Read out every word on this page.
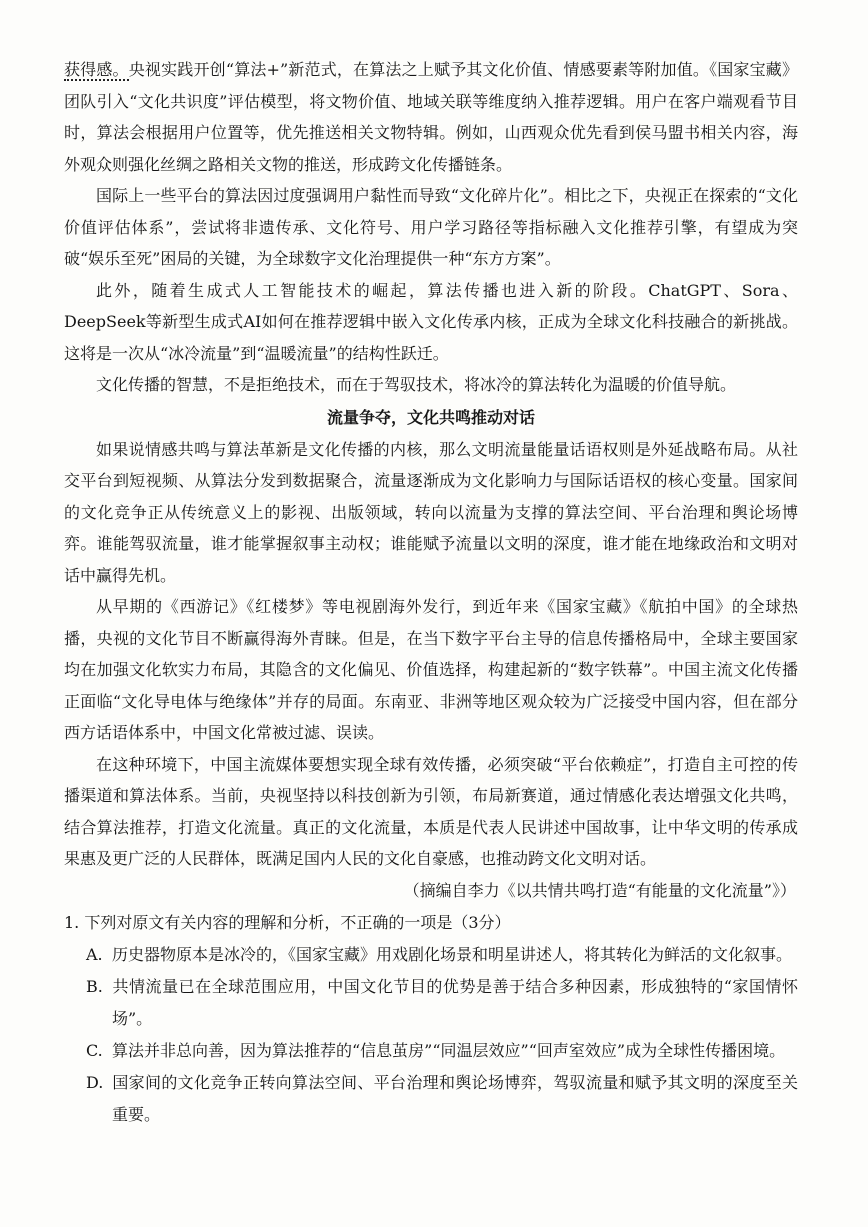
获得感。央视实践开创“算法+”新范式，在算法之上赋予其文化价值、情感要素等附加值。《国家宝藏》团队引入“文化共识度”评估模型，将文物价值、地域关联等维度纳入推荐逻辑。用户在客户端观看节目时，算法会根据用户位置等，优先推送相关文物特辑。例如，山西观众优先看到侯马盟书相关内容，海外观众则强化丝绸之路相关文物的推送，形成跨文化传播链条。

国际上一些平台的算法因过度强调用户黏性而导致“文化碎片化”。相比之下，央视正在探索的“文化价值评估体系”，尝试将非遗传承、文化符号、用户学习路径等指标融入文化推荐引擎，有望成为突破“娱乐至死”困局的关键，为全球数字文化治理提供一种“东方方案”。

此外，随着生成式人工智能技术的崛起，算法传播也进入新的阶段。ChatGPT、Sora、DeepSeek等新型生成式AI如何在推荐逻辑中嵌入文化传承内核，正成为全球文化科技融合的新挑战。这将是一次从“冰冷流量”到“温暖流量”的结构性跃迁。

文化传播的智慧，不是拒绝技术，而在于驾驭技术，将冰冷的算法转化为温暖的价值导航。

流量争夺，文化共鸣推动对话

如果说情感共鸣与算法革新是文化传播的内核，那么文明流量能量话语权则是外延战略布局。从社交平台到短视频、从算法分发到数据聚合，流量逐渐成为文化影响力与国际话语权的核心变量。国家间的文化竞争正从传统意义上的影视、出版领域，转向以流量为支撑的算法空间、平台治理和舆论场博弈。谁能驾驭流量，谁才能掌握叙事主动权；谁能赋予流量以文明的深度，谁才能在地缘政治和文明对话中赢得先机。

从早期的《西游记》《红楼梦》等电视剧海外发行，到近年来《国家宝藏》《航拍中国》的全球热播，央视的文化节目不断赢得海外青睐。但是，在当下数字平台主导的信息传播格局中，全球主要国家均在加强文化软实力布局，其隐含的文化偏见、价值选择，构建起新的“数字铁幕”。中国主流文化传播正面临“文化导电体与绝缘体”并存的局面。东南亚、非洲等地区观众较为广泛接受中国内容，但在部分西方话语体系中，中国文化常被过滤、误读。

在这种环境下，中国主流媒体要想实现全球有效传播，必须突破“平台依赖症”，打造自主可控的传播渠道和算法体系。当前，央视坚持以科技创新为引领，布局新赛道，通过情感化表达增强文化共鸣，结合算法推荐，打造文化流量。真正的文化流量，本质是代表人民讲述中国故事，让中华文明的传承成果惠及更广泛的人民群体，既满足国内人民的文化自豪感，也推动跨文化文明对话。

（摘编自李力《以共情共鸣打造“有能量的文化流量”》）

1. 下列对原文有关内容的理解和分析，不正确的一项是（3分）

A. 历史器物原本是冰冷的，《国家宝藏》用戏剧化场景和明星讲述人，将其转化为鲜活的文化叙事。

B. 共情流量已在全球范围应用，中国文化节目的优势是善于结合多种因素，形成独特的“家国情怀场”。

C. 算法并非总向善，因为算法推荐的“信息茧房”“同温层效应”“回声室效应”成为全球性传播困境。

D. 国家间的文化竞争正转向算法空间、平台治理和舆论场博弈，驾驭流量和赋予其文明的深度至关重要。
